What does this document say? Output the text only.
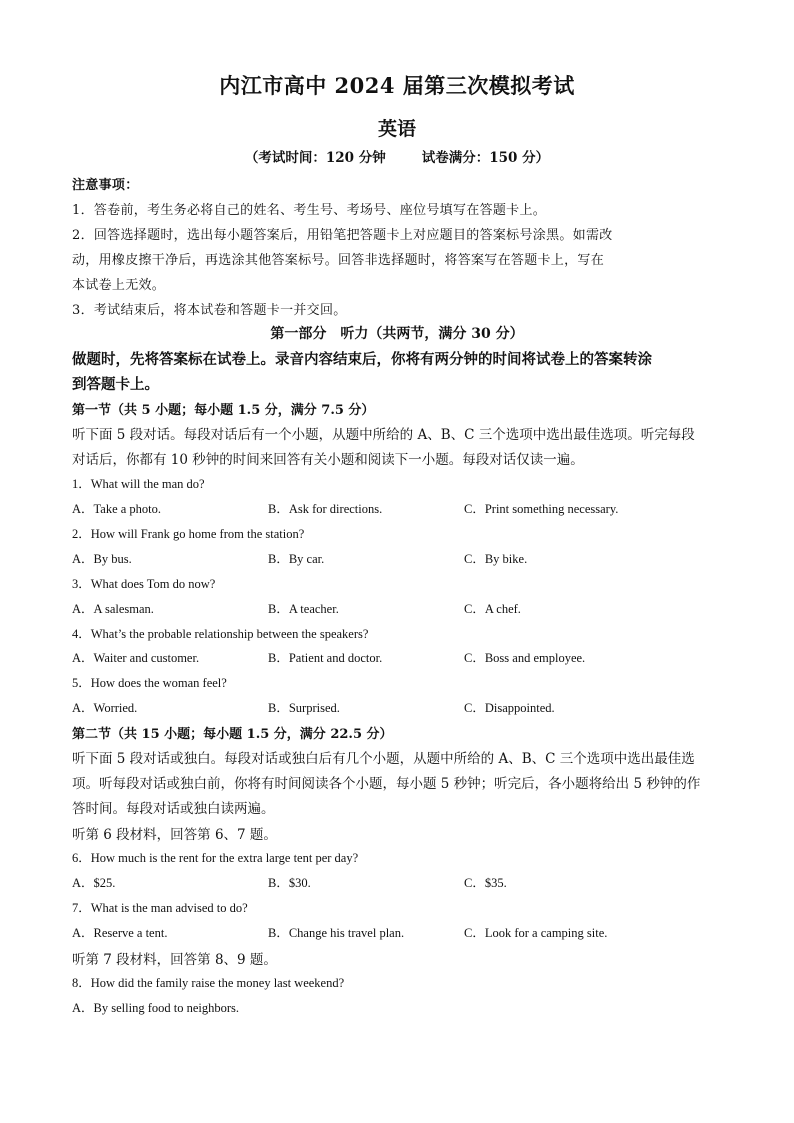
内江市高中 2024 届第三次模拟考试
英语
（考试时间：120 分钟	试卷满分：150 分）
注意事项：
1．答卷前，考生务必将自己的姓名、考生号、考场号、座位号填写在答题卡上。
2．回答选择题时，选出每小题答案后，用铅笔把答题卡上对应题目的答案标号涂黑。如需改
动，用橡皮擦干净后，再选涂其他答案标号。回答非选择题时，将答案写在答题卡上，写在
本试卷上无效。
3．考试结束后，将本试卷和答题卡一并交回。
第一部分　听力（共两节，满分 30 分）
做题时，先将答案标在试卷上。录音内容结束后，你将有两分钟的时间将试卷上的答案转涂
到答题卡上。
第一节（共 5 小题；每小题 1.5 分，满分 7.5 分）
听下面 5 段对话。每段对话后有一个小题，从题中所给的 A、B、C 三个选项中选出最佳选项。听完每段
对话后，你都有 10 秒钟的时间来回答有关小题和阅读下一小题。每段对话仅读一遍。
1．What will the man do?
A．Take a photo.	B．Ask for directions.	C．Print something necessary.
2．How will Frank go home from the station?
A．By bus.	B．By car.	C．By bike.
3．What does Tom do now?
A．A salesman.	B．A teacher.	C．A chef.
4．What’s the probable relationship between the speakers?
A．Waiter and customer.	B．Patient and doctor.	C．Boss and employee.
5．How does the woman feel?
A．Worried.	B．Surprised.	C．Disappointed.
第二节（共 15 小题；每小题 1.5 分，满分 22.5 分）
听下面 5 段对话或独白。每段对话或独白后有几个小题，从题中所给的 A、B、C 三个选项中选出最佳选
项。听每段对话或独白前，你将有时间阅读各个小题，每小题 5 秒钟；听完后，各小题将给出 5 秒钟的作
答时间。每段对话或独白读两遍。
听第 6 段材料，回答第 6、7 题。
6．How much is the rent for the extra large tent per day?
A．$25.	B．$30.	C．$35.
7．What is the man advised to do?
A．Reserve a tent.	B．Change his travel plan.	C．Look for a camping site.
听第 7 段材料，回答第 8、9 题。
8．How did the family raise the money last weekend?
A．By selling food to neighbors.
